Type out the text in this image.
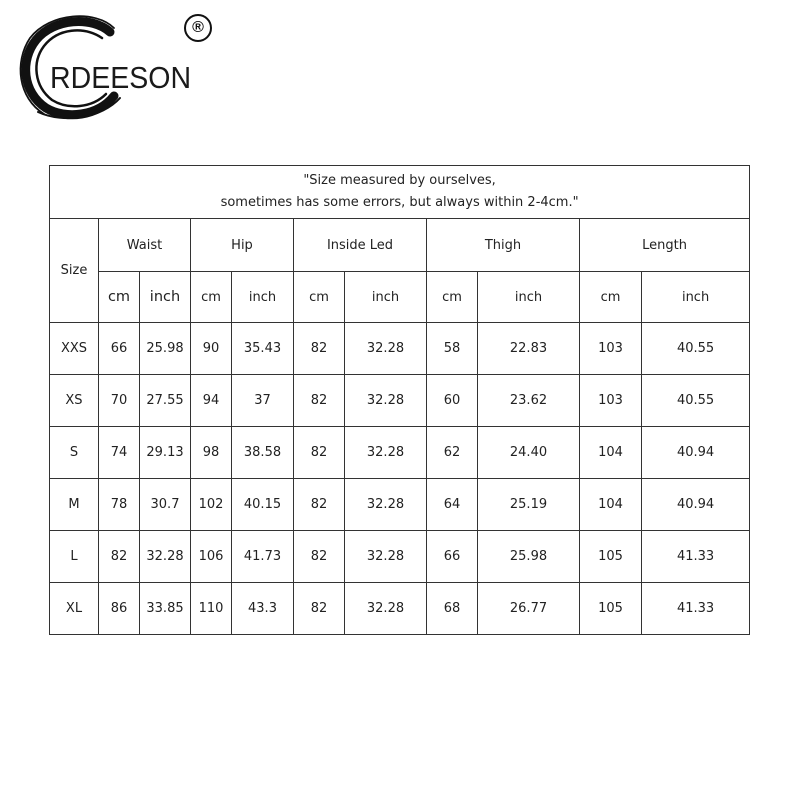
RDEESON
®
"Size measured by ourselves,
sometimes has some errors, but always within 2-4cm."										

Size	Waist		Hip		Inside Led		Thigh		Length	
	cm	inch	cm	inch	cm	inch	cm	inch	cm	inch
XXS	66	25.98	90	35.43	82	32.28	58	22.83	103	40.55
XS	70	27.55	94	37	82	32.28	60	23.62	103	40.55
S	74	29.13	98	38.58	82	32.28	62	24.40	104	40.94
M	78	30.7	102	40.15	82	32.28	64	25.19	104	40.94
L	82	32.28	106	41.73	82	32.28	66	25.98	105	41.33
XL	86	33.85	110	43.3	82	32.28	68	26.77	105	41.33
